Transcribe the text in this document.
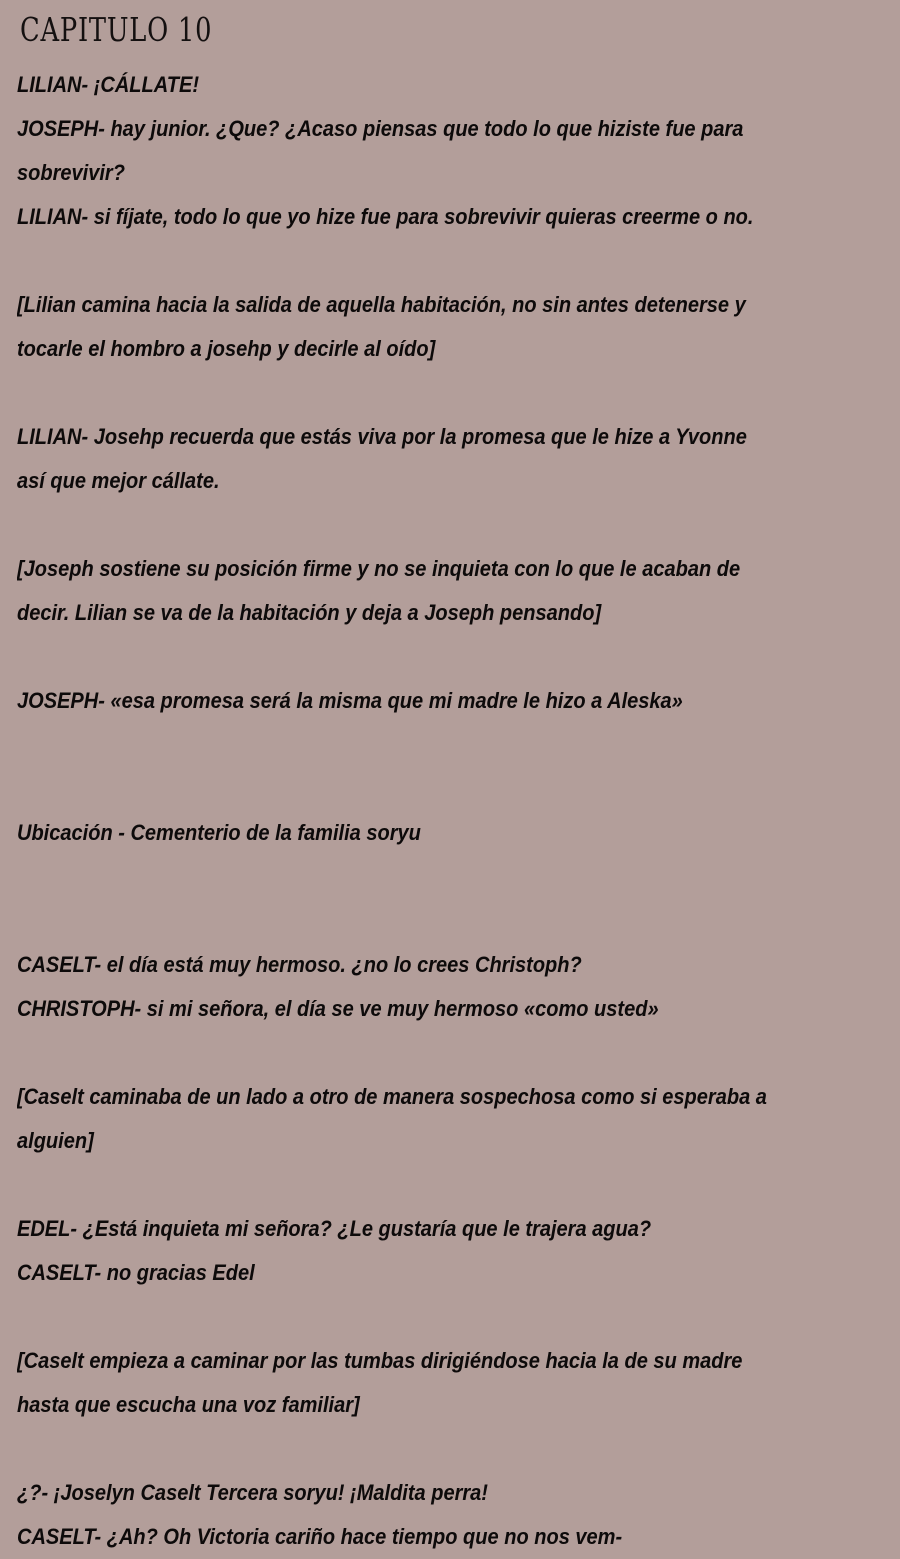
CAPITULO 10
LILIAN- ¡CÁLLATE!
JOSEPH- hay junior. ¿Que? ¿Acaso piensas que todo lo que hiziste fue para
sobrevivir?
LILIAN- si fíjate, todo lo que yo hize fue para sobrevivir quieras creerme o no.
[Lilian camina hacia la salida de aquella habitación, no sin antes detenerse y
tocarle el hombro a josehp y decirle al oído]
LILIAN- Josehp recuerda que estás viva por la promesa que le hize a Yvonne
así que mejor cállate.
[Joseph sostiene su posición firme y no se inquieta con lo que le acaban de
decir. Lilian se va de la habitación y deja a Joseph pensando]
JOSEPH- «esa promesa será la misma que mi madre le hizo a Aleska»
Ubicación - Cementerio de la familia soryu
CASELT- el día está muy hermoso. ¿no lo crees Christoph?
CHRISTOPH- si mi señora, el día se ve muy hermoso «como usted»
[Caselt caminaba de un lado a otro de manera sospechosa como si esperaba a
alguien]
EDEL- ¿Está inquieta mi señora? ¿Le gustaría que le trajera agua?
CASELT- no gracias Edel
[Caselt empieza a caminar por las tumbas dirigiéndose hacia la de su madre
hasta que escucha una voz familiar]
¿?- ¡Joselyn Caselt Tercera soryu! ¡Maldita perra!
CASELT- ¿Ah? Oh Victoria cariño hace tiempo que no nos vem-
